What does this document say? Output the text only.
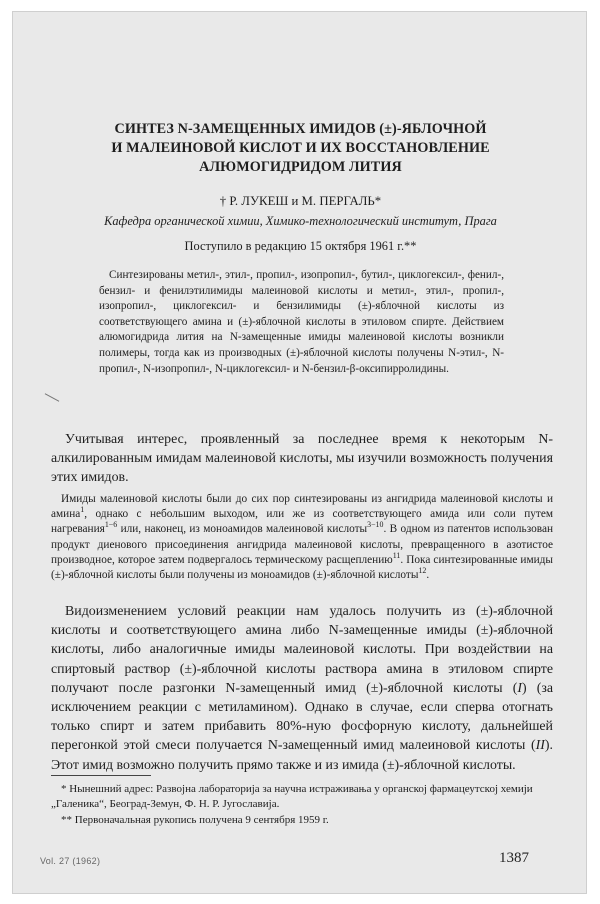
СИНТЕЗ N-ЗАМЕЩЕННЫХ ИМИДОВ (±)-ЯБЛОЧНОЙ
И МАЛЕИНОВОЙ КИСЛОТ И ИХ ВОССТАНОВЛЕНИЕ
АЛЮМОГИДРИДОМ ЛИТИЯ
† Р. ЛУКЕШ и М. ПЕРГАЛЬ*
Кафедра органической химии, Химико-технологический институт, Прага
Поступило в редакцию 15 октября 1961 г.**
Синтезированы метил-, этил-, пропил-, изопропил-, бутил-, циклогексил-, фенил-, бензил- и фенилэтилимиды малеиновой кислоты и метил-, этил-, пропил-, изопропил-, циклогексил- и бензилимиды (±)-яблочной кислоты из соответствующего амина и (±)-яблочной кислоты в этиловом спирте. Действием алюмогидрида лития на N-замещенные имиды малеиновой кислоты возникли полимеры, тогда как из производных (±)-яблочной кислоты получены N-этил-, N-пропил-, N-изопропил-, N-циклогексил- и N-бензил-β-оксипирролидины.
Учитывая интерес, проявленный за последнее время к некоторым N-алкилированным имидам малеиновой кислоты, мы изучили возможность получения этих имидов.
Имиды малеиновой кислоты были до сих пор синтезированы из ангидрида малеиновой кислоты и амина$^1$, однако с небольшим выходом, или же из соответствующего амида или соли путем нагревания$^{1-6}$ или, наконец, из моноамидов малеиновой кислоты$^{3-10}$. В одном из патентов использован продукт диенового присоединения ангидрида малеиновой кислоты, превращенного в азотистое производное, которое затем подвергалось термическому расщеплению$^{11}$. Пока синтезированные имиды (±)-яблочной кислоты были получены из моноамидов (±)-яблочной кислоты$^{12}$.
Видоизменением условий реакции нам удалось получить из (±)-яблочной кислоты и соответствующего амина либо N-замещенные имиды (±)-яблочной кислоты, либо аналогичные имиды малеиновой кислоты. При воздействии на спиртовый раствор (±)-яблочной кислоты раствора амина в этиловом спирте получают после разгонки N-замещенный имид (±)-яблочной кислоты (I) (за исключением реакции с метиламином). Однако в случае, если сперва отогнать только спирт и затем прибавить 80%-ную фосфорную кислоту, дальнейшей перегонкой этой смеси получается N-замещенный имид малеиновой кислоты (II). Этот имид возможно получить прямо также и из имида (±)-яблочной кислоты.
* Нынешний адрес: Развојна лабораторија за научна истраживања у органској фармацеутској хемији „Галеника“, Београд-Земун, Ф. Н. Р. Југославија.
** Первоначальная рукопись получена 9 сентября 1959 г.
Vol. 27 (1962)	1387
